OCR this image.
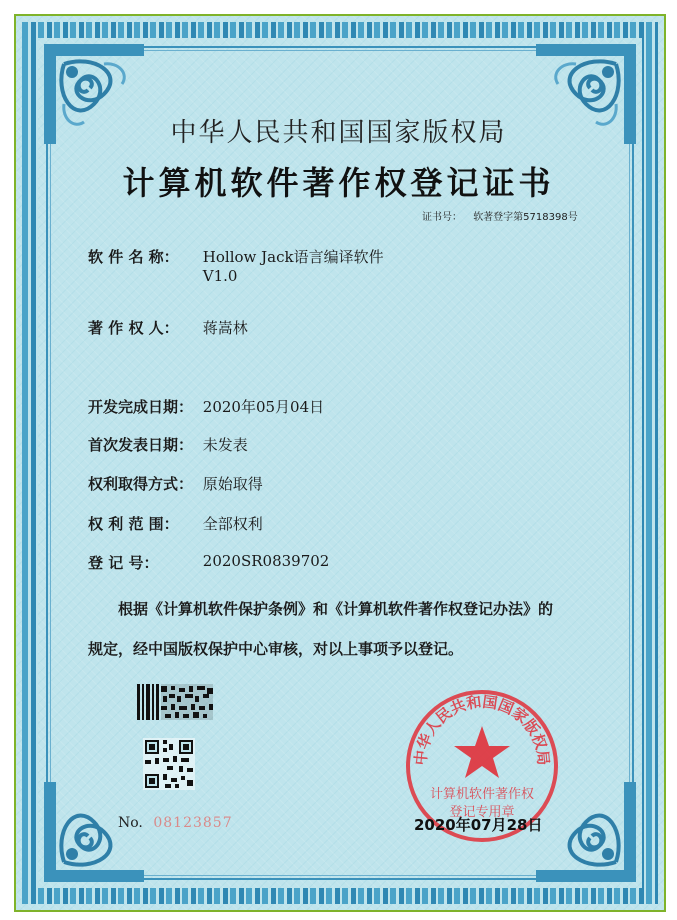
中华人民共和国国家版权局
计算机软件著作权登记证书
证书号： 软著登字第5718398号
软 件 名 称： Hollow Jack语言编译软件
V1.0
著 作 权 人： 蒋嵩林
开发完成日期： 2020年05月04日
首次发表日期： 未发表
权利取得方式： 原始取得
权 利 范 围： 全部权利
登 记 号：	2020SR0839702
根据《计算机软件保护条例》和《计算机软件著作权登记办法》的
规定，经中国版权保护中心审核，对以上事项予以登记。
No. 08123857
中华人民共和国国家版权局
计算机软件著作权
登记专用章
2020年07月28日
